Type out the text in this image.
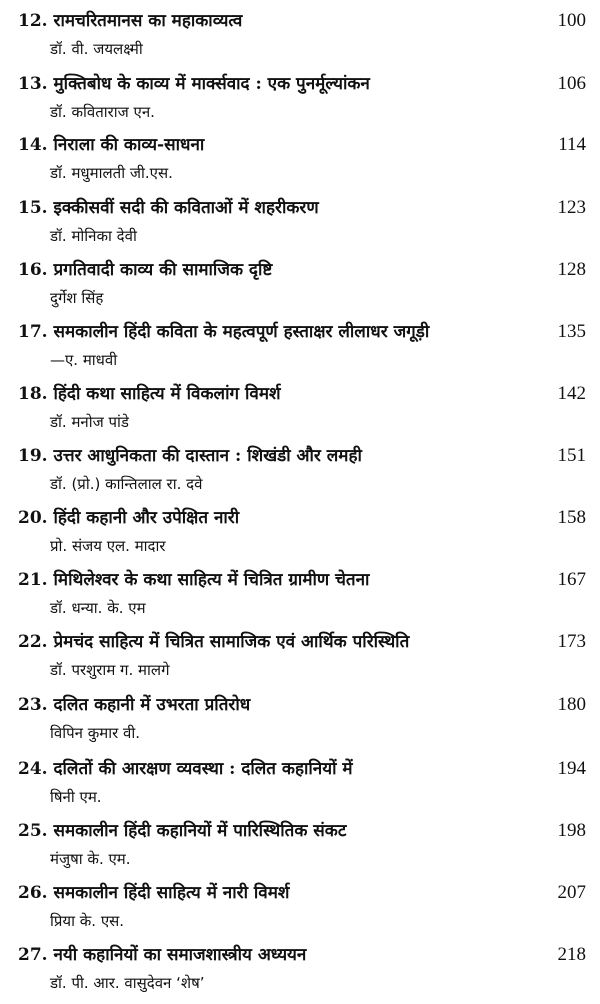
12. रामचरितमानस का महाकाव्यत्व	100
डॉ. वी. जयलक्ष्मी
13. मुक्तिबोध के काव्य में मार्क्सवाद : एक पुनर्मूल्यांकन	106
डॉ. कविताराज एन.
14. निराला की काव्य-साधना	114
डॉ. मधुमालती जी.एस.
15. इक्कीसवीं सदी की कविताओं में शहरीकरण	123
डॉ. मोनिका देवी
16. प्रगतिवादी काव्य की सामाजिक दृष्टि	128
दुर्गेश सिंह
17. समकालीन हिंदी कविता के महत्वपूर्ण हस्ताक्षर लीलाधर जगूड़ी	135
—ए. माधवी
18. हिंदी कथा साहित्य में विकलांग विमर्श	142
डॉ. मनोज पांडे
19. उत्तर आधुनिकता की दास्तान : शिखंडी और लमही	151
डॉ. (प्रो.) कान्तिलाल रा. दवे
20. हिंदी कहानी और उपेक्षित नारी	158
प्रो. संजय एल. मादार
21. मिथिलेश्वर के कथा साहित्य में चित्रित ग्रामीण चेतना	167
डॉ. धन्या. के. एम
22. प्रेमचंद साहित्य में चित्रित सामाजिक एवं आर्थिक परिस्थिति	173
डॉ. परशुराम ग. मालगे
23. दलित कहानी में उभरता प्रतिरोध	180
विपिन कुमार वी.
24. दलितों की आरक्षण व्यवस्था : दलित कहानियों में	194
षिनी एम.
25. समकालीन हिंदी कहानियों में पारिस्थितिक संकट	198
मंजुषा के. एम.
26. समकालीन हिंदी साहित्य में नारी विमर्श	207
प्रिया के. एस.
27. नयी कहानियों का समाजशास्त्रीय अध्ययन	218
डॉ. पी. आर. वासुदेवन ‘शेष’
